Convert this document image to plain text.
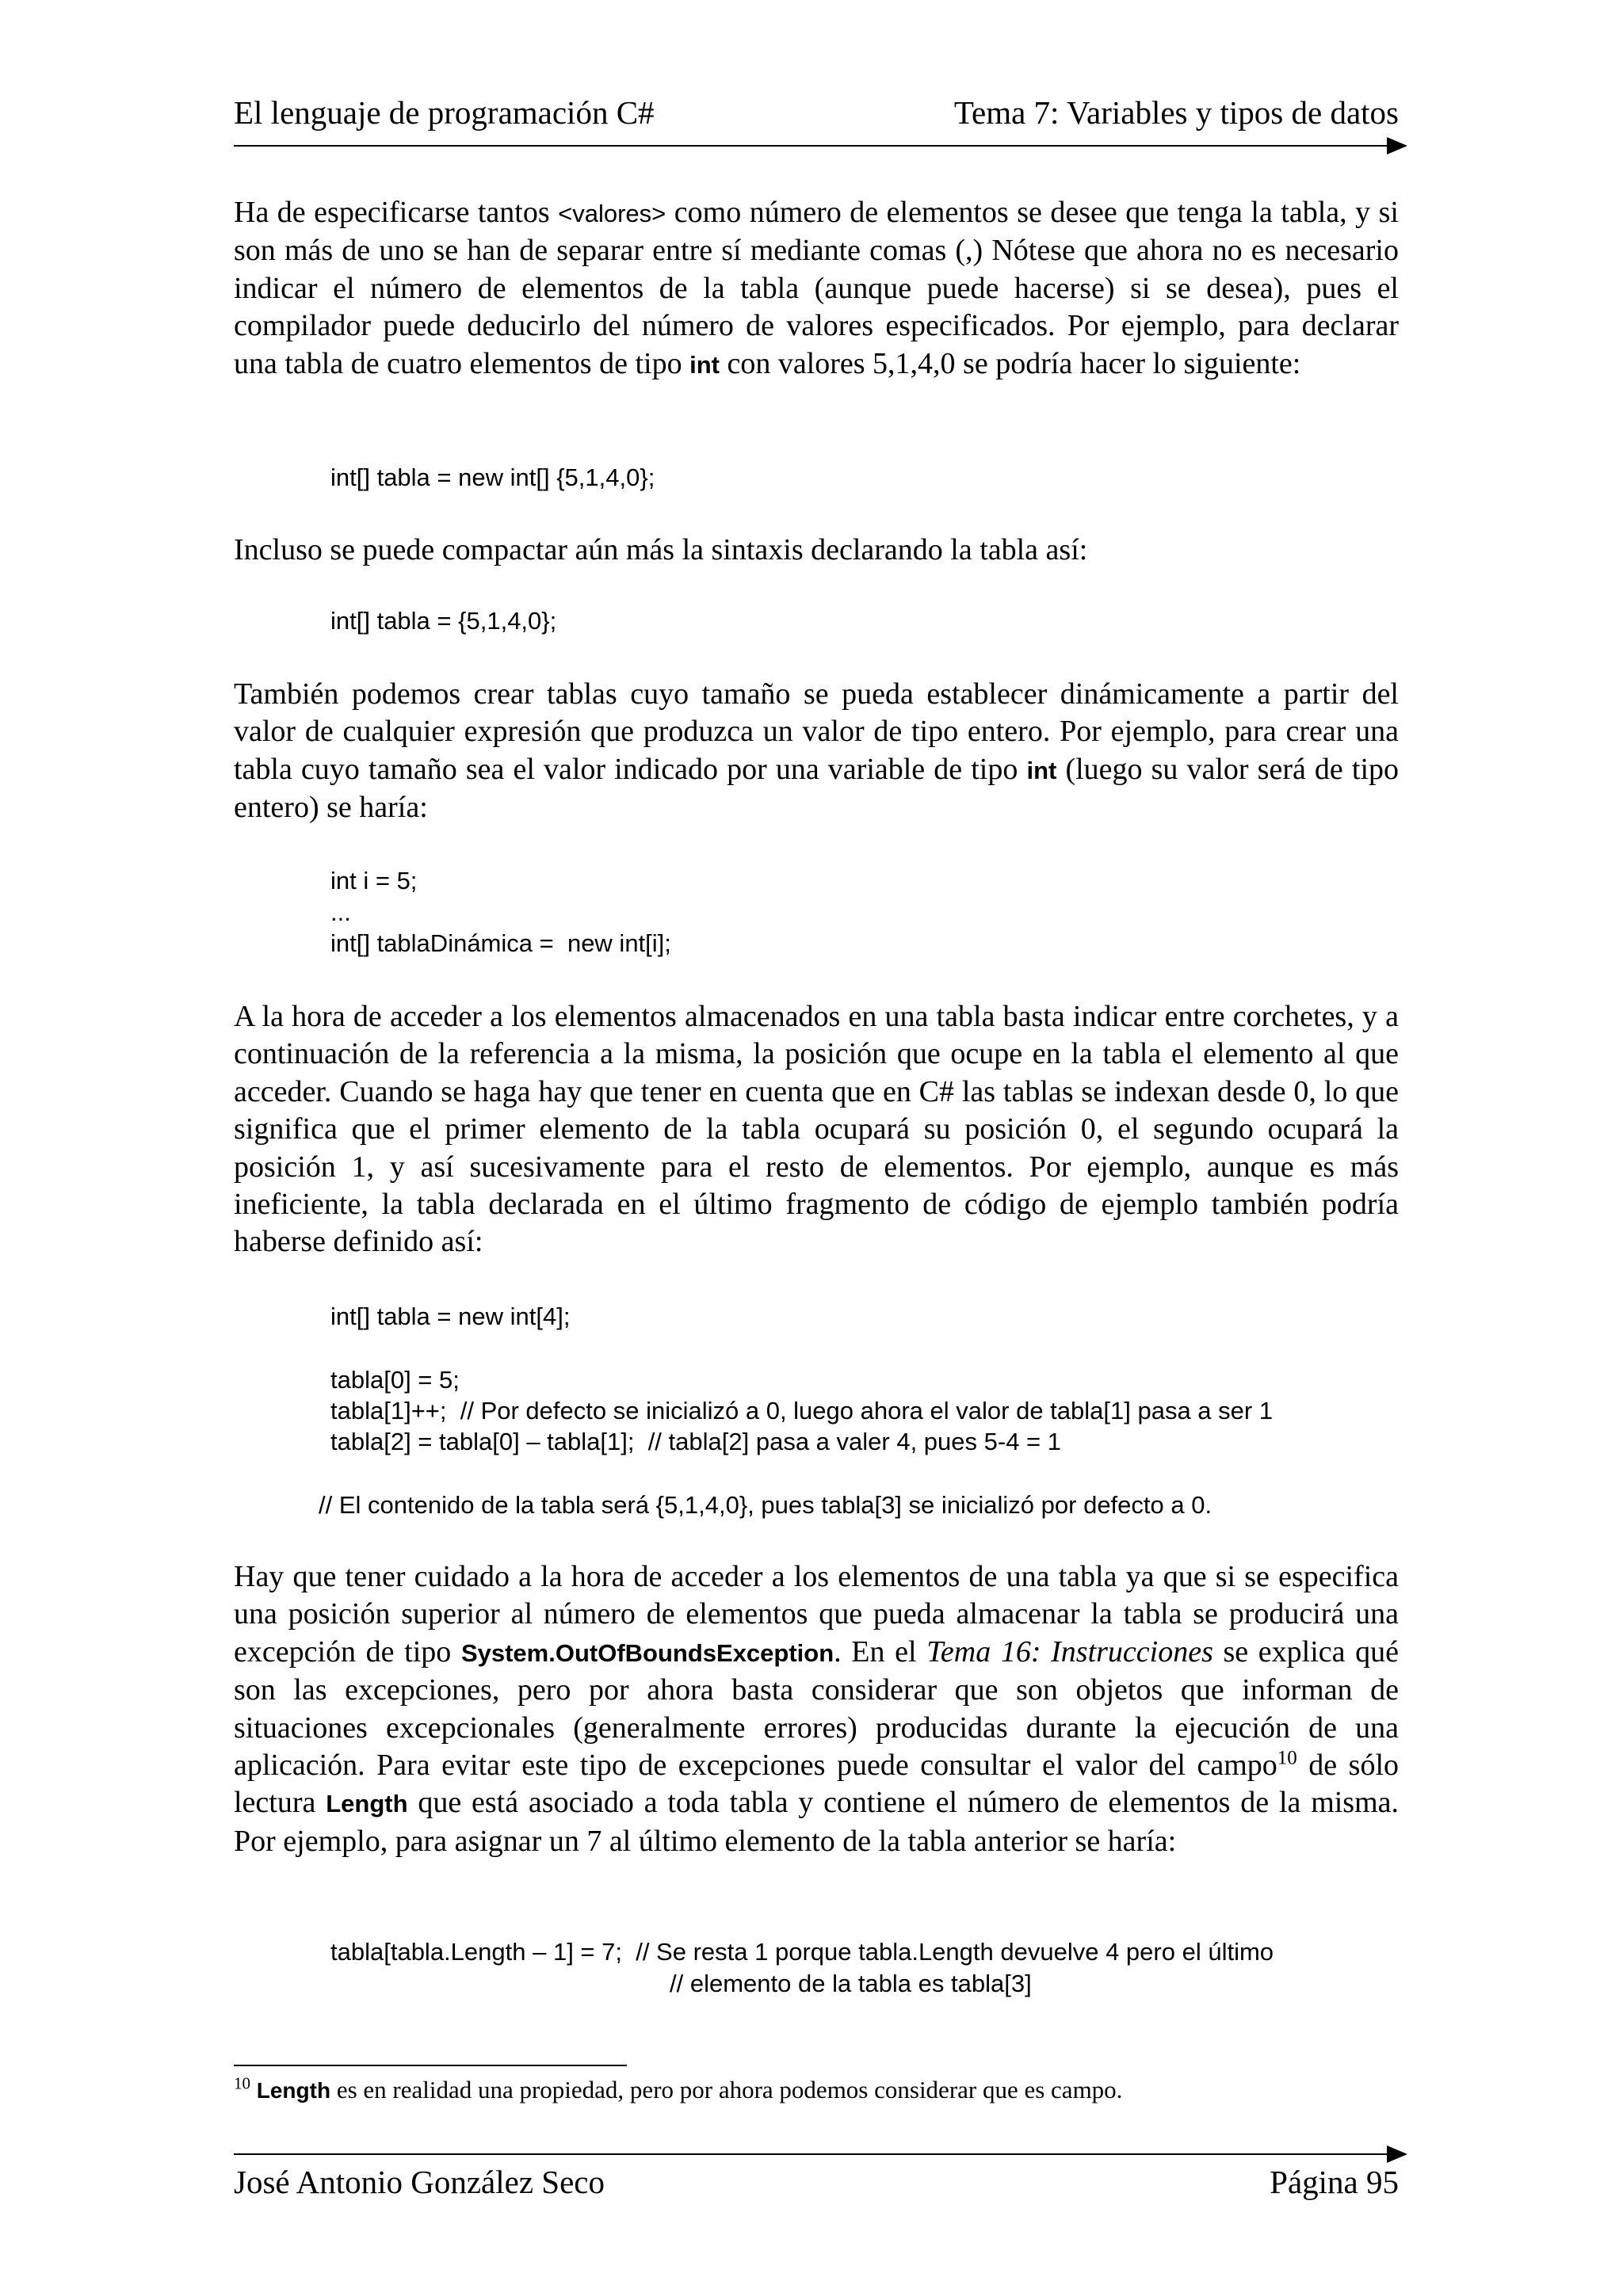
El lenguaje de programación C#	Tema 7: Variables y tipos de datos

Ha de especificarse tantos <valores> como número de elementos se desee que tenga la tabla, y si son más de uno se han de separar entre sí mediante comas (,) Nótese que ahora no es necesario indicar el número de elementos de la tabla (aunque puede hacerse) si se desea), pues el compilador puede deducirlo del número de valores especificados. Por ejemplo, para declarar una tabla de cuatro elementos de tipo int con valores 5,1,4,0 se podría hacer lo siguiente:

int[] tabla = new int[] {5,1,4,0};

Incluso se puede compactar aún más la sintaxis declarando la tabla así:

int[] tabla = {5,1,4,0};

También podemos crear tablas cuyo tamaño se pueda establecer dinámicamente a partir del valor de cualquier expresión que produzca un valor de tipo entero. Por ejemplo, para crear una tabla cuyo tamaño sea el valor indicado por una variable de tipo int (luego su valor será de tipo entero) se haría:

int i = 5;
...
int[] tablaDinámica =  new int[i];

A la hora de acceder a los elementos almacenados en una tabla basta indicar entre corchetes, y a continuación de la referencia a la misma, la posición que ocupe en la tabla el elemento al que acceder. Cuando se haga hay que tener en cuenta que en C# las tablas se indexan desde 0, lo que significa que el primer elemento de la tabla ocupará su posición 0, el segundo ocupará la posición 1, y así sucesivamente para el resto de elementos. Por ejemplo, aunque es más ineficiente, la tabla declarada en el último fragmento de código de ejemplo también podría haberse definido así:

int[] tabla = new int[4];
tabla[0] = 5;
tabla[1]++;  // Por defecto se inicializó a 0, luego ahora el valor de tabla[1] pasa a ser 1
tabla[2] = tabla[0] – tabla[1];  // tabla[2] pasa a valer 4, pues 5-4 = 1
// El contenido de la tabla será {5,1,4,0}, pues tabla[3] se inicializó por defecto a 0.

Hay que tener cuidado a la hora de acceder a los elementos de una tabla ya que si se especifica una posición superior al número de elementos que pueda almacenar la tabla se producirá una excepción de tipo System.OutOfBoundsException. En el Tema 16: Instrucciones se explica qué son las excepciones, pero por ahora basta considerar que son objetos que informan de situaciones excepcionales (generalmente errores) producidas durante la ejecución de una aplicación. Para evitar este tipo de excepciones puede consultar el valor del campo$^{10}$ de sólo lectura Length que está asociado a toda tabla y contiene el número de elementos de la misma. Por ejemplo, para asignar un 7 al último elemento de la tabla anterior se haría:

tabla[tabla.Length – 1] = 7;  // Se resta 1 porque tabla.Length devuelve 4 pero el último
// elemento de la tabla es tabla[3]
$^{10}$ Length es en realidad una propiedad, pero por ahora podemos considerar que es campo.
José Antonio González Seco	Página 95
